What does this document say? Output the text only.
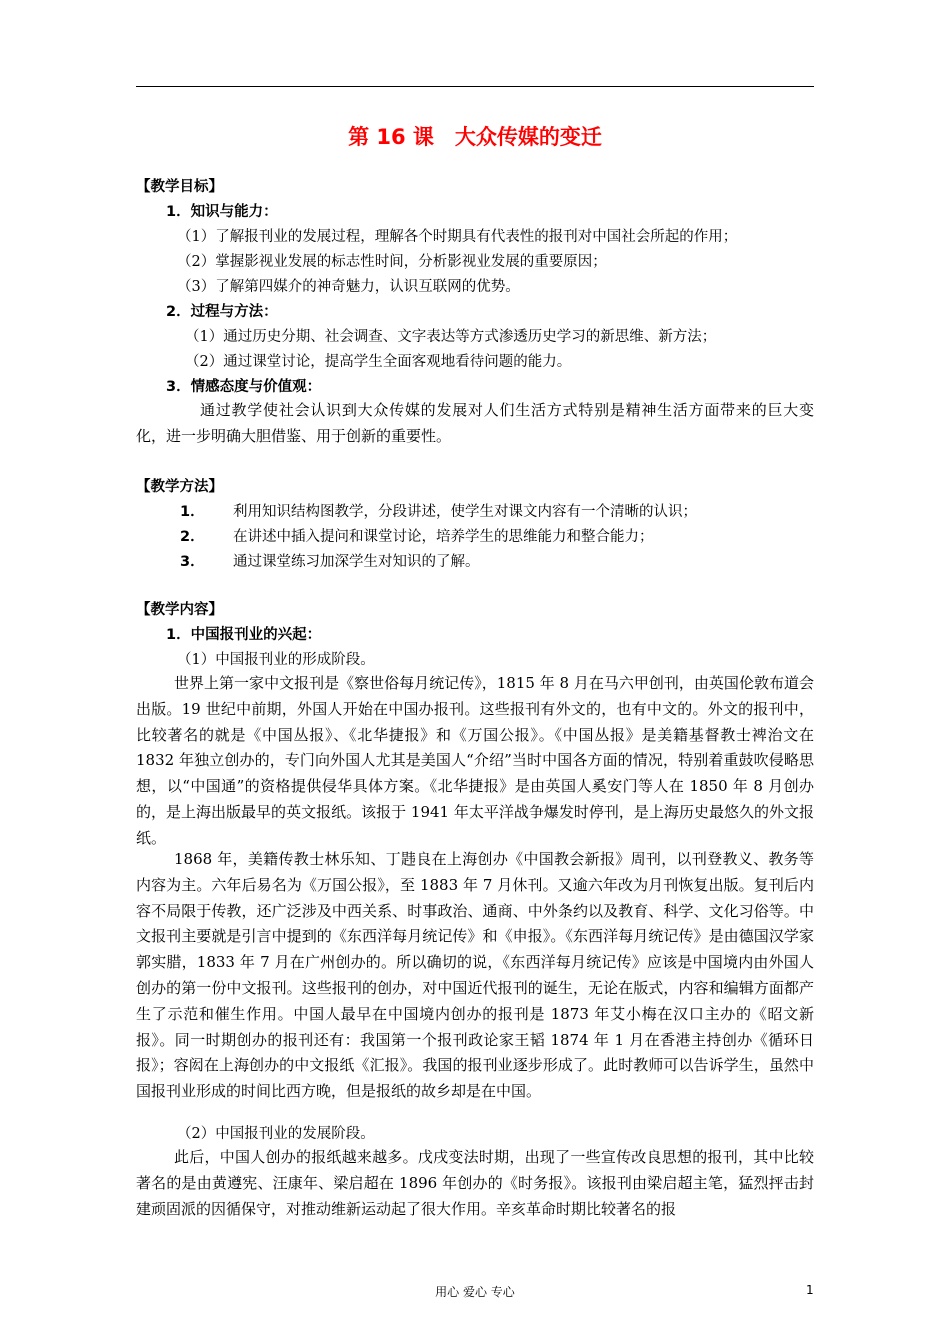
第 16 课　大众传媒的变迁
【教学目标】
1．知识与能力：
（1）了解报刊业的发展过程，理解各个时期具有代表性的报刊对中国社会所起的作用；
（2）掌握影视业发展的标志性时间，分析影视业发展的重要原因；
（3）了解第四媒介的神奇魅力，认识互联网的优势。
2．过程与方法：
（1）通过历史分期、社会调查、文字表达等方式渗透历史学习的新思维、新方法；
（2）通过课堂讨论，提高学生全面客观地看待问题的能力。
3．情感态度与价值观：
通过教学使社会认识到大众传媒的发展对人们生活方式特别是精神生活方面带来的巨大变化，进一步明确大胆借鉴、用于创新的重要性。
【教学方法】
1． 利用知识结构图教学，分段讲述，使学生对课文内容有一个清晰的认识；
2． 在讲述中插入提问和课堂讨论，培养学生的思维能力和整合能力；
3． 通过课堂练习加深学生对知识的了解。
【教学内容】
1．中国报刊业的兴起：
（1）中国报刊业的形成阶段。
世界上第一家中文报刊是《察世俗每月统记传》，1815 年 8 月在马六甲创刊，由英国伦敦布道会出版。19 世纪中前期，外国人开始在中国办报刊。这些报刊有外文的，也有中文的。外文的报刊中，比较著名的就是《中国丛报》、《北华捷报》和《万国公报》。《中国丛报》是美籍基督教士裨治文在 1832 年独立创办的，专门向外国人尤其是美国人“介绍”当时中国各方面的情况，特别着重鼓吹侵略思想，以“中国通”的资格提供侵华具体方案。《北华捷报》是由英国人奚安门等人在 1850 年 8 月创办的，是上海出版最早的英文报纸。该报于 1941 年太平洋战争爆发时停刊，是上海历史最悠久的外文报纸。
1868 年，美籍传教士林乐知、丁韪良在上海创办《中国教会新报》周刊，以刊登教义、教务等内容为主。六年后易名为《万国公报》，至 1883 年 7 月休刊。又逾六年改为月刊恢复出版。复刊后内容不局限于传教，还广泛涉及中西关系、时事政治、通商、中外条约以及教育、科学、文化习俗等。中文报刊主要就是引言中提到的《东西洋每月统记传》和《申报》。《东西洋每月统记传》是由德国汉学家郭实腊，1833 年 7 月在广州创办的。所以确切的说，《东西洋每月统记传》应该是中国境内由外国人创办的第一份中文报刊。这些报刊的创办，对中国近代报刊的诞生，无论在版式，内容和编辑方面都产生了示范和催生作用。中国人最早在中国境内创办的报刊是 1873 年艾小梅在汉口主办的《昭文新报》。同一时期创办的报刊还有：我国第一个报刊政论家王韬 1874 年 1 月在香港主持创办《循环日报》；容闳在上海创办的中文报纸《汇报》。我国的报刊业逐步形成了。此时教师可以告诉学生，虽然中国报刊业形成的时间比西方晚，但是报纸的故乡却是在中国。
（2）中国报刊业的发展阶段。
此后，中国人创办的报纸越来越多。戊戌变法时期，出现了一些宣传改良思想的报刊，其中比较著名的是由黄遵宪、汪康年、梁启超在 1896 年创办的《时务报》。该报刊由梁启超主笔，猛烈抨击封建顽固派的因循保守，对推动维新运动起了很大作用。辛亥革命时期比较著名的报
用心 爱心 专心	1
